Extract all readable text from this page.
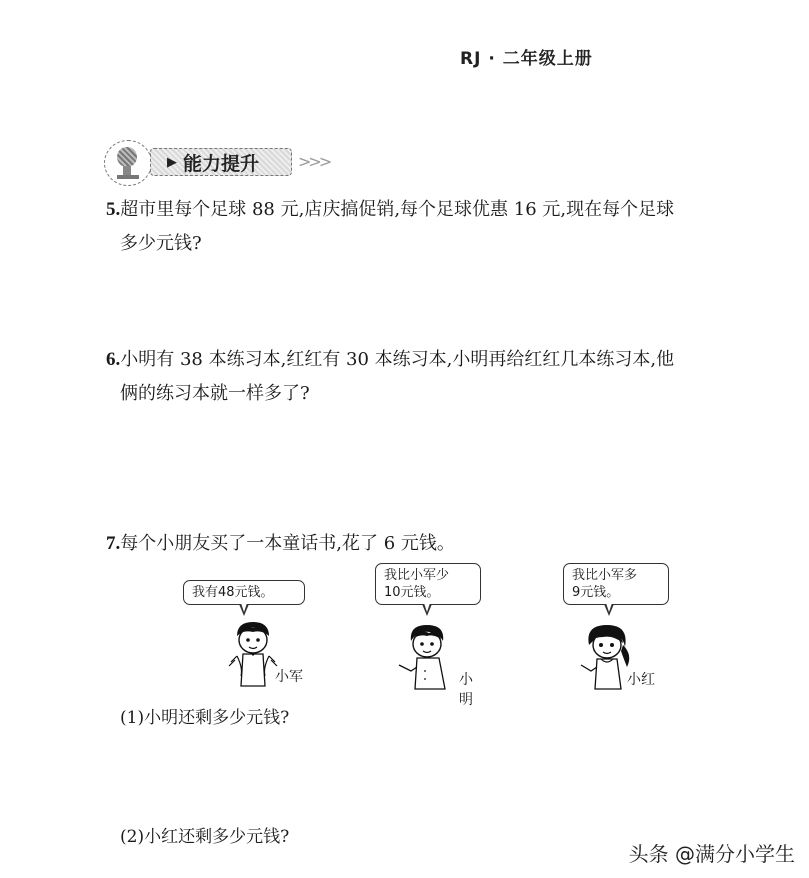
RJ · 二年级上册
▶ 能力提升 >>>
5.超市里每个足球 88 元,店庆搞促销,每个足球优惠 16 元,现在每个足球
多少元钱?
6.小明有 38 本练习本,红红有 30 本练习本,小明再给红红几本练习本,他
俩的练习本就一样多了?
7.每个小朋友买了一本童话书,花了 6 元钱。
我有48元钱。
小军
我比小军少
10元钱。
小明
我比小军多
9元钱。
小红
(1)小明还剩多少元钱?
(2)小红还剩多少元钱?
头条 @满分小学生
